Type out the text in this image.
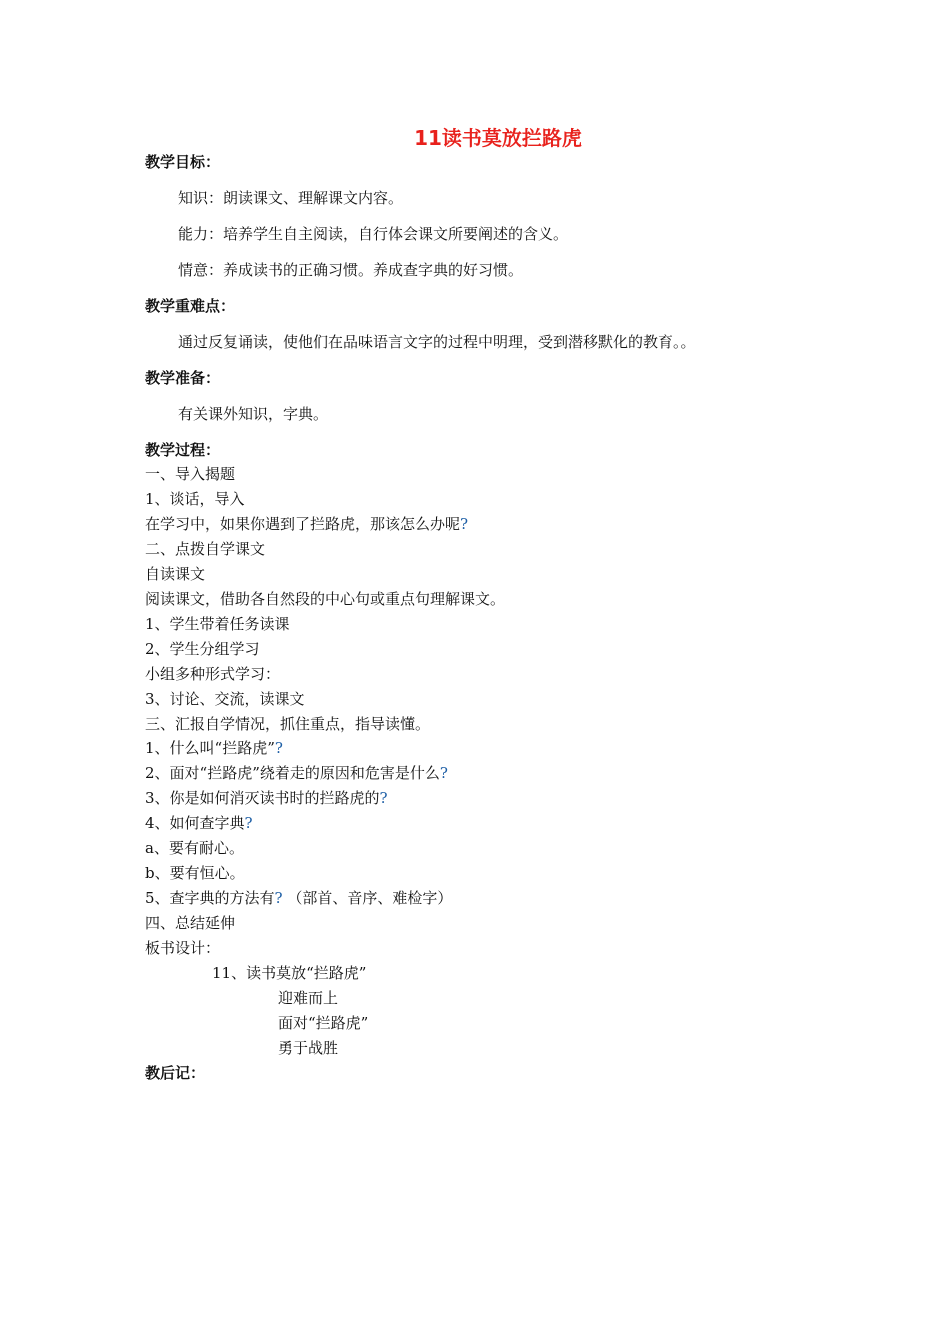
11读书莫放拦路虎
教学目标：
知识：朗读课文、理解课文内容。
能力：培养学生自主阅读，自行体会课文所要阐述的含义。
情意：养成读书的正确习惯。养成查字典的好习惯。
教学重难点：
通过反复诵读，使他们在品味语言文字的过程中明理，受到潜移默化的教育。。
教学准备：
有关课外知识，字典。
教学过程：
一、导入揭题
1、谈话，导入
在学习中，如果你遇到了拦路虎，那该怎么办呢?
二、点拨自学课文
自读课文
阅读课文，借助各自然段的中心句或重点句理解课文。
1、学生带着任务读课
2、学生分组学习
小组多种形式学习：
3、讨论、交流，读课文
三、汇报自学情况，抓住重点，指导读懂。
1、什么叫“拦路虎”?
2、面对“拦路虎”绕着走的原因和危害是什么?
3、你是如何消灭读书时的拦路虎的?
4、如何查字典?
a、要有耐心。
b、要有恒心。
5、查字典的方法有? （部首、音序、难检字）
四、总结延伸
板书设计：
11、读书莫放“拦路虎”
迎难而上
面对“拦路虎”
勇于战胜
教后记：
